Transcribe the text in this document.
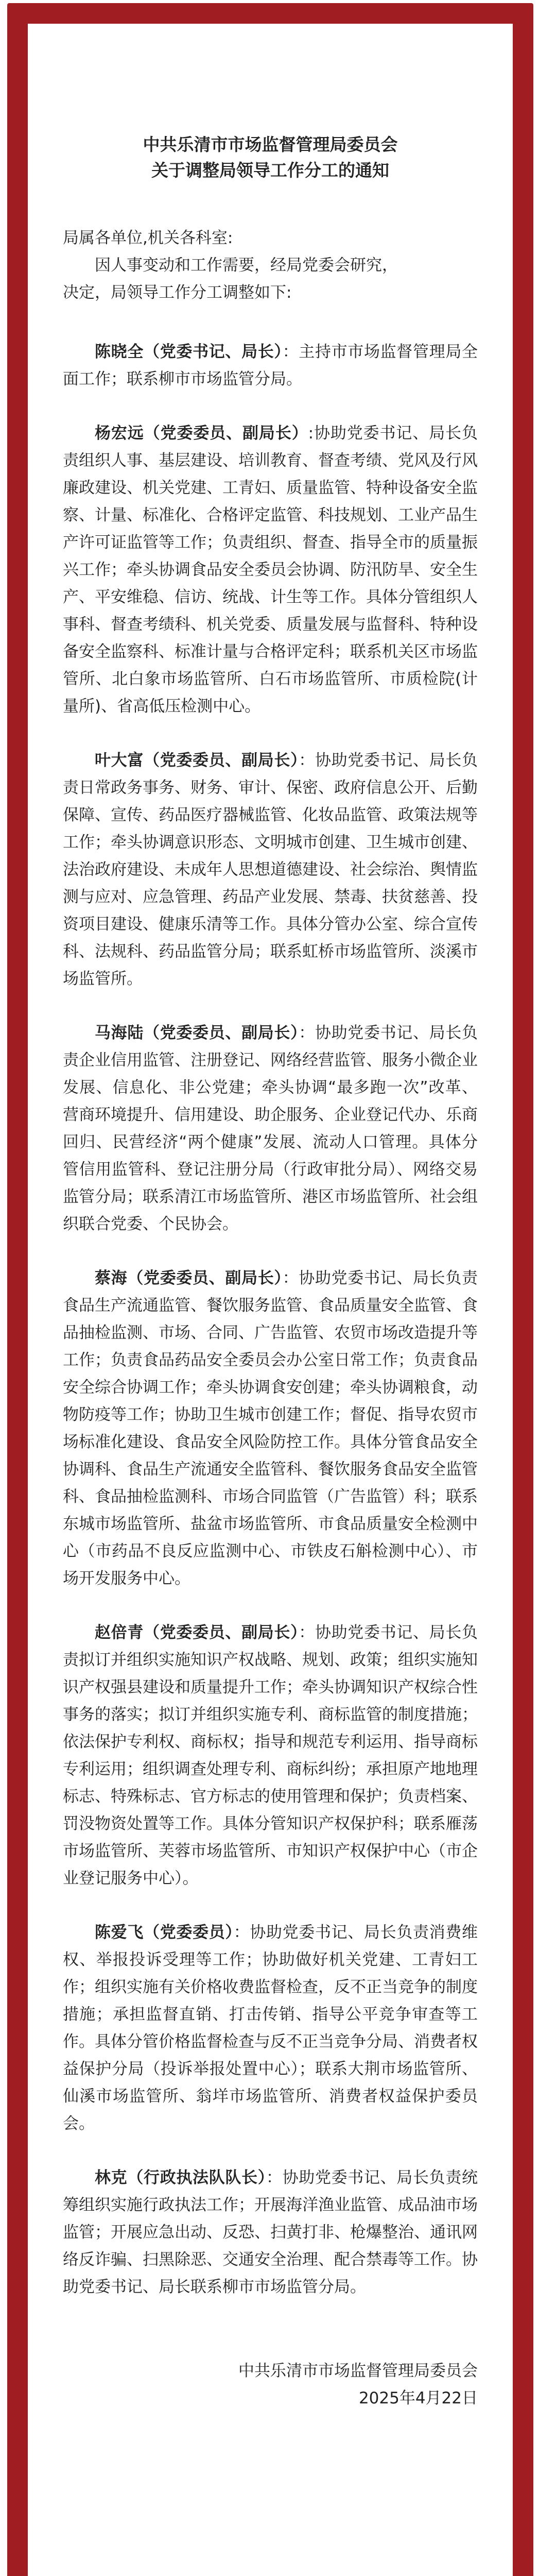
中共乐清市市场监督管理局委员会
关于调整局领导工作分工的通知
局属各单位,机关各科室:
因人事变动和工作需要，经局党委会研究，
决定，局领导工作分工调整如下:
陈晓全（党委书记、局长）：主持市市场监督管理局全面工作；联系柳市市场监管分局。
杨宏远（党委委员、副局长）:协助党委书记、局长负责组织人事、基层建设、培训教育、督查考绩、党风及行风廉政建设、机关党建、工青妇、质量监管、特种设备安全监察、计量、标准化、合格评定监管、科技规划、工业产品生产许可证监管等工作；负责组织、督查、指导全市的质量振兴工作；牵头协调食品安全委员会协调、防汛防旱、安全生产、平安维稳、信访、统战、计生等工作。具体分管组织人事科、督查考绩科、机关党委、质量发展与监督科、特种设备安全监察科、标准计量与合格评定科；联系机关区市场监管所、北白象市场监管所、白石市场监管所、市质检院(计量所)、省高低压检测中心。
叶大富（党委委员、副局长）：协助党委书记、局长负责日常政务事务、财务、审计、保密、政府信息公开、后勤保障、宣传、药品医疗器械监管、化妆品监管、政策法规等工作；牵头协调意识形态、文明城市创建、卫生城市创建、法治政府建设、未成年人思想道德建设、社会综治、舆情监测与应对、应急管理、药品产业发展、禁毒、扶贫慈善、投资项目建设、健康乐清等工作。具体分管办公室、综合宣传科、法规科、药品监管分局；联系虹桥市场监管所、淡溪市场监管所。
马海陆（党委委员、副局长）：协助党委书记、局长负责企业信用监管、注册登记、网络经营监管、服务小微企业发展、信息化、非公党建；牵头协调“最多跑一次”改革、营商环境提升、信用建设、助企服务、企业登记代办、乐商回归、民营经济“两个健康”发展、流动人口管理。具体分管信用监管科、登记注册分局（行政审批分局）、网络交易监管分局；联系清江市场监管所、港区市场监管所、社会组织联合党委、个民协会。
蔡海（党委委员、副局长）：协助党委书记、局长负责食品生产流通监管、餐饮服务监管、食品质量安全监管、食品抽检监测、市场、合同、广告监管、农贸市场改造提升等工作；负责食品药品安全委员会办公室日常工作；负责食品安全综合协调工作；牵头协调食安创建；牵头协调粮食，动物防疫等工作；协助卫生城市创建工作；督促、指导农贸市场标准化建设、食品安全风险防控工作。具体分管食品安全协调科、食品生产流通安全监管科、餐饮服务食品安全监管科、食品抽检监测科、市场合同监管（广告监管）科；联系东城市场监管所、盐盆市场监管所、市食品质量安全检测中心（市药品不良反应监测中心、市铁皮石斛检测中心）、市场开发服务中心。
赵倍青（党委委员、副局长）：协助党委书记、局长负责拟订并组织实施知识产权战略、规划、政策；组织实施知识产权强县建设和质量提升工作；牵头协调知识产权综合性事务的落实；拟订并组织实施专利、商标监管的制度措施；依法保护专利权、商标权；指导和规范专利运用、指导商标专利运用；组织调查处理专利、商标纠纷；承担原产地地理标志、特殊标志、官方标志的使用管理和保护；负责档案、罚没物资处置等工作。具体分管知识产权保护科；联系雁荡市场监管所、芙蓉市场监管所、市知识产权保护中心（市企业登记服务中心）。
陈爱飞（党委委员）：协助党委书记、局长负责消费维权、举报投诉受理等工作；协助做好机关党建、工青妇工作；组织实施有关价格收费监督检查，反不正当竞争的制度措施；承担监督直销、打击传销、指导公平竞争审查等工作。具体分管价格监督检查与反不正当竞争分局、消费者权益保护分局（投诉举报处置中心）；联系大荆市场监管所、仙溪市场监管所、翁垟市场监管所、消费者权益保护委员会。
林克（行政执法队队长）：协助党委书记、局长负责统筹组织实施行政执法工作；开展海洋渔业监管、成品油市场监管；开展应急出动、反恐、扫黄打非、枪爆整治、通讯网络反诈骗、扫黑除恶、交通安全治理、配合禁毒等工作。协助党委书记、局长联系柳市市场监管分局。
中共乐清市市场监督管理局委员会
2025年4月22日
